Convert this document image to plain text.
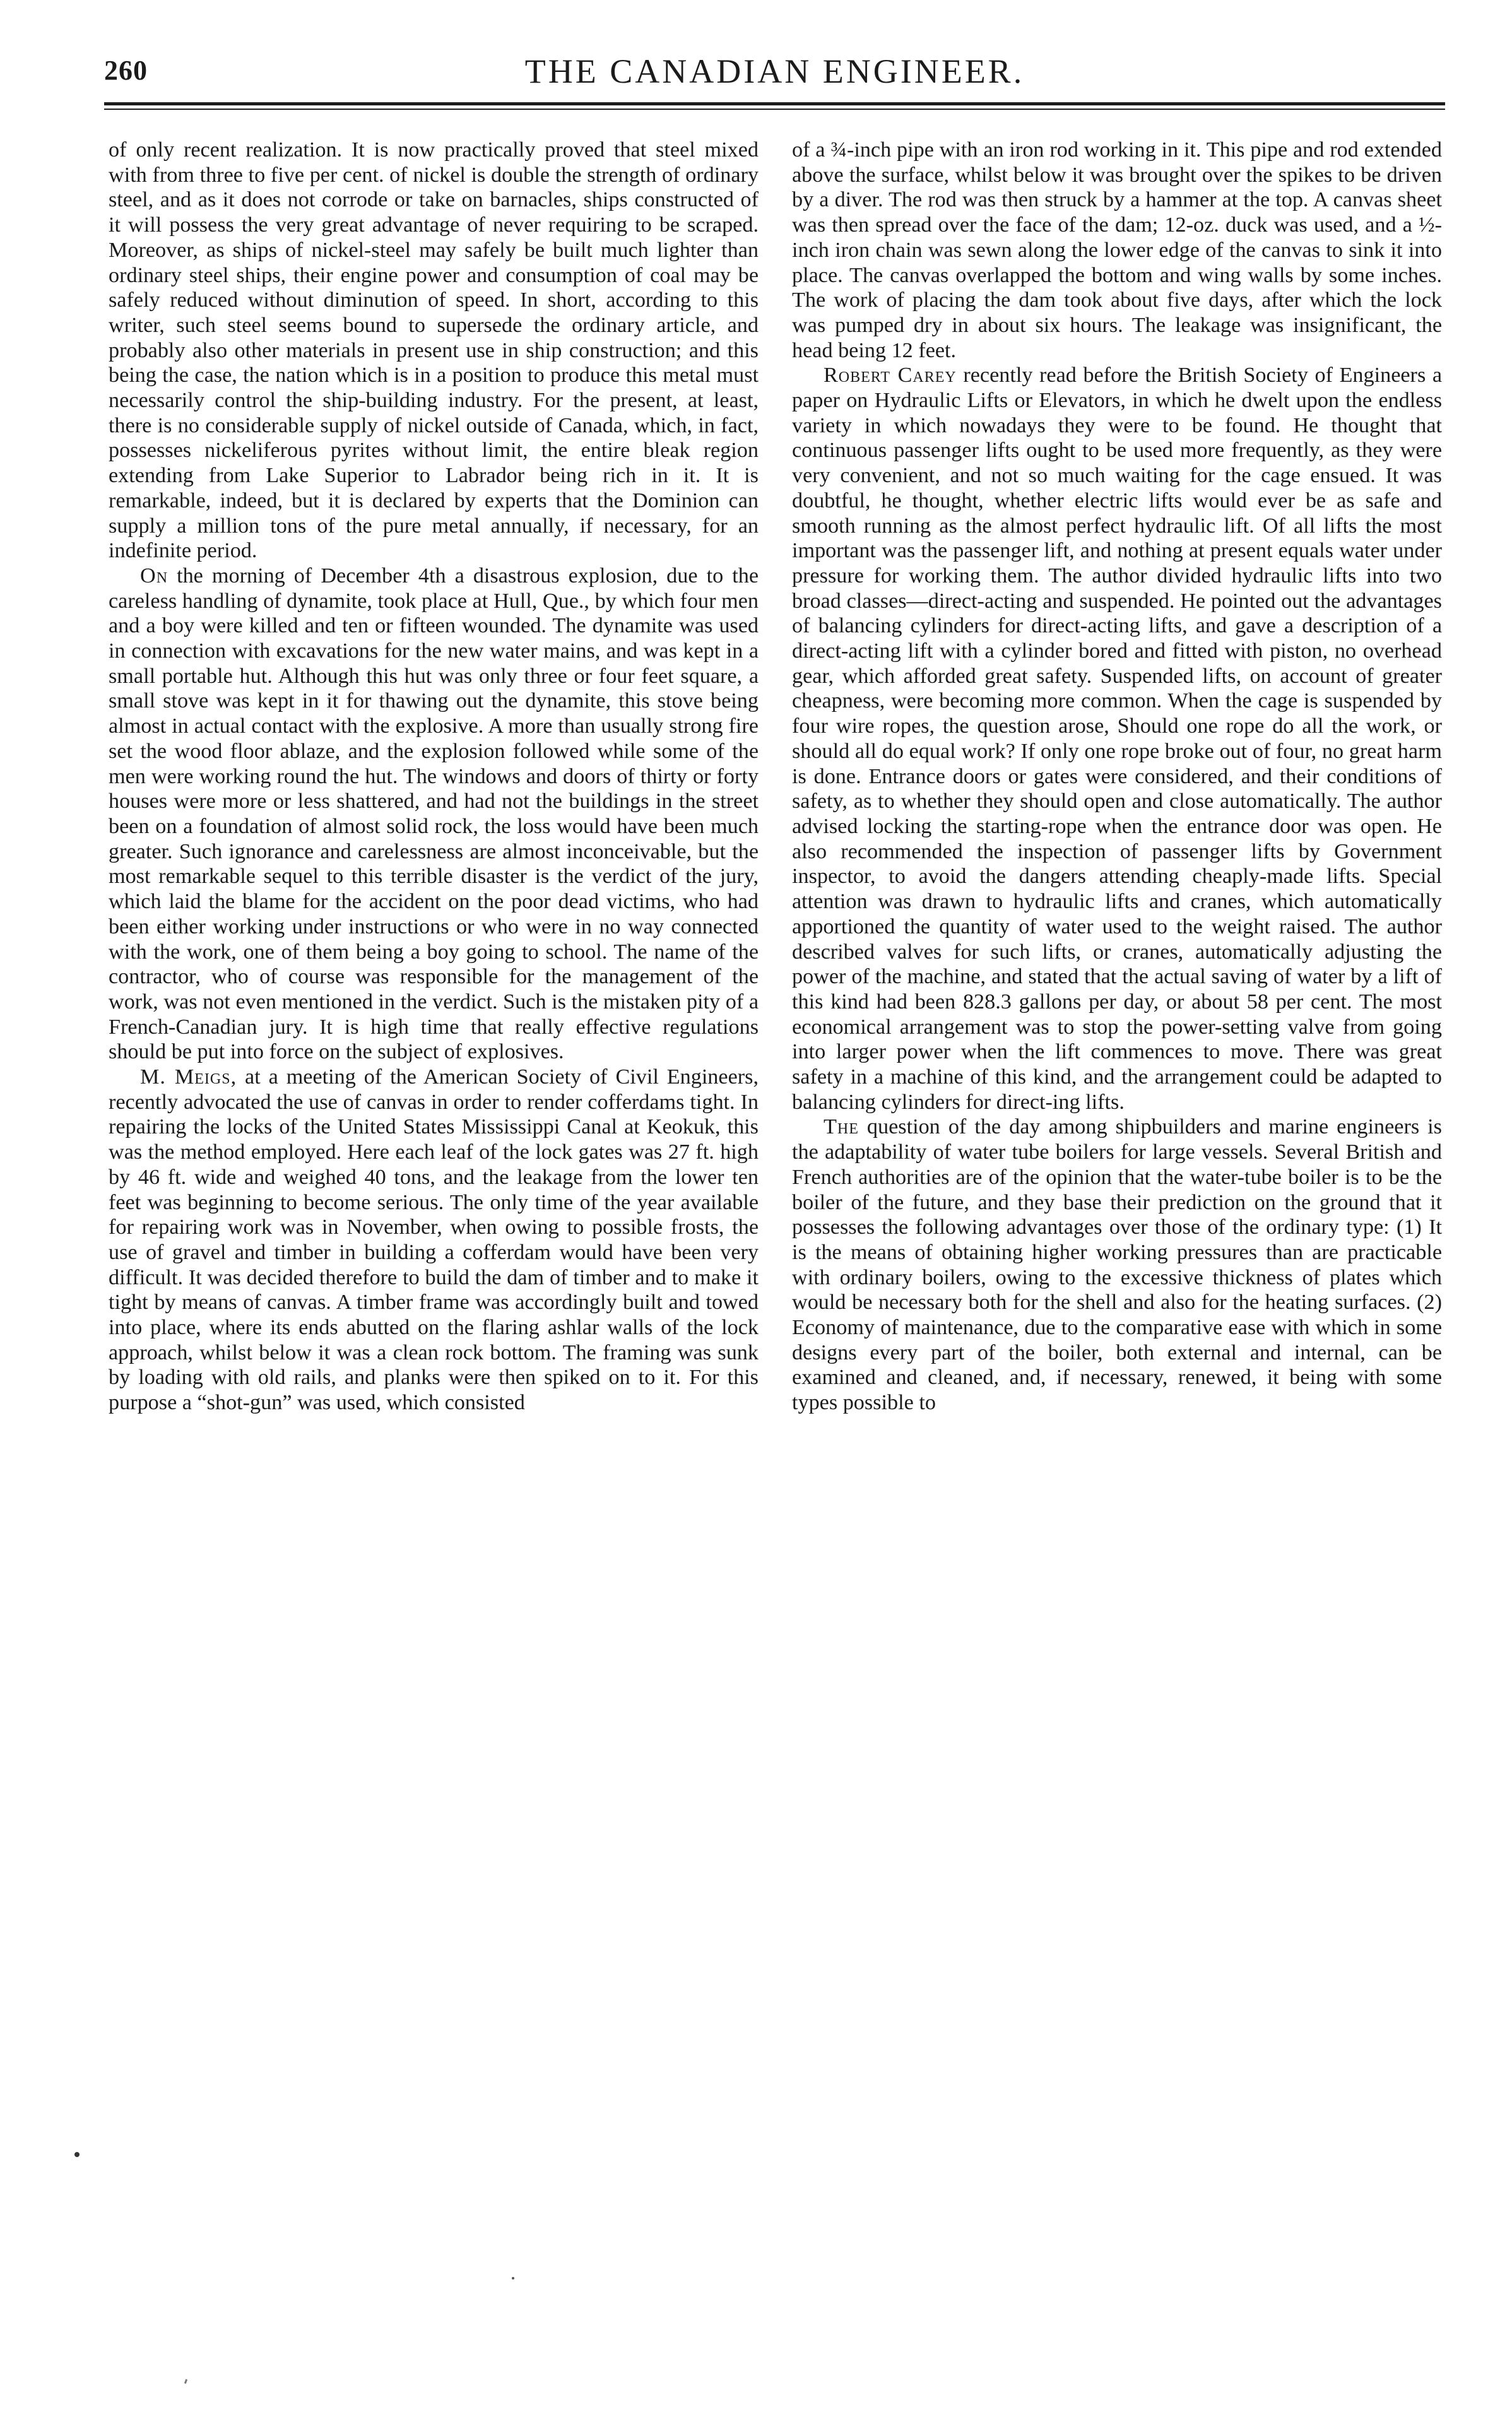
260	THE CANADIAN ENGINEER.

of only recent realization. It is now practically proved that steel mixed with from three to five per cent. of nickel is double the strength of ordinary steel, and as it does not corrode or take on barnacles, ships constructed of it will possess the very great advantage of never requiring to be scraped. Moreover, as ships of nickel-steel may safely be built much lighter than ordinary steel ships, their engine power and consumption of coal may be safely reduced without diminution of speed. In short, according to this writer, such steel seems bound to supersede the ordinary article, and probably also other materials in present use in ship construction; and this being the case, the nation which is in a position to produce this metal must necessarily control the ship-building industry. For the present, at least, there is no considerable supply of nickel outside of Canada, which, in fact, possesses nickeliferous pyrites without limit, the entire bleak region extending from Lake Superior to Labrador being rich in it. It is remarkable, indeed, but it is declared by experts that the Dominion can supply a million tons of the pure metal annually, if necessary, for an indefinite period.

On the morning of December 4th a disastrous explosion, due to the careless handling of dynamite, took place at Hull, Que., by which four men and a boy were killed and ten or fifteen wounded. The dynamite was used in connection with excavations for the new water mains, and was kept in a small portable hut. Although this hut was only three or four feet square, a small stove was kept in it for thawing out the dynamite, this stove being almost in actual contact with the explosive. A more than usually strong fire set the wood floor ablaze, and the explosion followed while some of the men were working round the hut. The windows and doors of thirty or forty houses were more or less shattered, and had not the buildings in the street been on a foundation of almost solid rock, the loss would have been much greater. Such ignorance and carelessness are almost inconceivable, but the most remarkable sequel to this terrible disaster is the verdict of the jury, which laid the blame for the accident on the poor dead victims, who had been either working under instructions or who were in no way connected with the work, one of them being a boy going to school. The name of the contractor, who of course was responsible for the management of the work, was not even mentioned in the verdict. Such is the mistaken pity of a French-Canadian jury. It is high time that really effective regulations should be put into force on the subject of explosives.

M. Meigs, at a meeting of the American Society of Civil Engineers, recently advocated the use of canvas in order to render cofferdams tight. In repairing the locks of the United States Mississippi Canal at Keokuk, this was the method employed. Here each leaf of the lock gates was 27 ft. high by 46 ft. wide and weighed 40 tons, and the leakage from the lower ten feet was beginning to become serious. The only time of the year available for repairing work was in November, when owing to possible frosts, the use of gravel and timber in building a cofferdam would have been very difficult. It was decided therefore to build the dam of timber and to make it tight by means of canvas. A timber frame was accordingly built and towed into place, where its ends abutted on the flaring ashlar walls of the lock approach, whilst below it was a clean rock bottom. The framing was sunk by loading with old rails, and planks were then spiked on to it. For this purpose a “shot-gun” was used, which consisted

of a ¾-inch pipe with an iron rod working in it. This pipe and rod extended above the surface, whilst below it was brought over the spikes to be driven by a diver. The rod was then struck by a hammer at the top. A canvas sheet was then spread over the face of the dam; 12-oz. duck was used, and a ½-inch iron chain was sewn along the lower edge of the canvas to sink it into place. The canvas overlapped the bottom and wing walls by some inches. The work of placing the dam took about five days, after which the lock was pumped dry in about six hours. The leakage was insignificant, the head being 12 feet.

Robert Carey recently read before the British Society of Engineers a paper on Hydraulic Lifts or Elevators, in which he dwelt upon the endless variety in which nowadays they were to be found. He thought that continuous passenger lifts ought to be used more frequently, as they were very convenient, and not so much waiting for the cage ensued. It was doubtful, he thought, whether electric lifts would ever be as safe and smooth running as the almost perfect hydraulic lift. Of all lifts the most important was the passenger lift, and nothing at present equals water under pressure for working them. The author divided hydraulic lifts into two broad classes—direct-acting and suspended. He pointed out the advantages of balancing cylinders for direct-acting lifts, and gave a description of a direct-acting lift with a cylinder bored and fitted with piston, no overhead gear, which afforded great safety. Suspended lifts, on account of greater cheapness, were becoming more common. When the cage is suspended by four wire ropes, the question arose, Should one rope do all the work, or should all do equal work? If only one rope broke out of four, no great harm is done. Entrance doors or gates were considered, and their conditions of safety, as to whether they should open and close automatically. The author advised locking the starting-rope when the entrance door was open. He also recommended the inspection of passenger lifts by Government inspector, to avoid the dangers attending cheaply-made lifts. Special attention was drawn to hydraulic lifts and cranes, which automatically apportioned the quantity of water used to the weight raised. The author described valves for such lifts, or cranes, automatically adjusting the power of the machine, and stated that the actual saving of water by a lift of this kind had been 828.3 gallons per day, or about 58 per cent. The most economical arrangement was to stop the power-setting valve from going into larger power when the lift commences to move. There was great safety in a machine of this kind, and the arrangement could be adapted to balancing cylinders for direct-ing lifts.

The question of the day among shipbuilders and marine engineers is the adaptability of water tube boilers for large vessels. Several British and French authorities are of the opinion that the water-tube boiler is to be the boiler of the future, and they base their prediction on the ground that it possesses the following advantages over those of the ordinary type: (1) It is the means of obtaining higher working pressures than are practicable with ordinary boilers, owing to the excessive thickness of plates which would be necessary both for the shell and also for the heating surfaces. (2) Economy of maintenance, due to the comparative ease with which in some designs every part of the boiler, both external and internal, can be examined and cleaned, and, if necessary, renewed, it being with some types possible to
